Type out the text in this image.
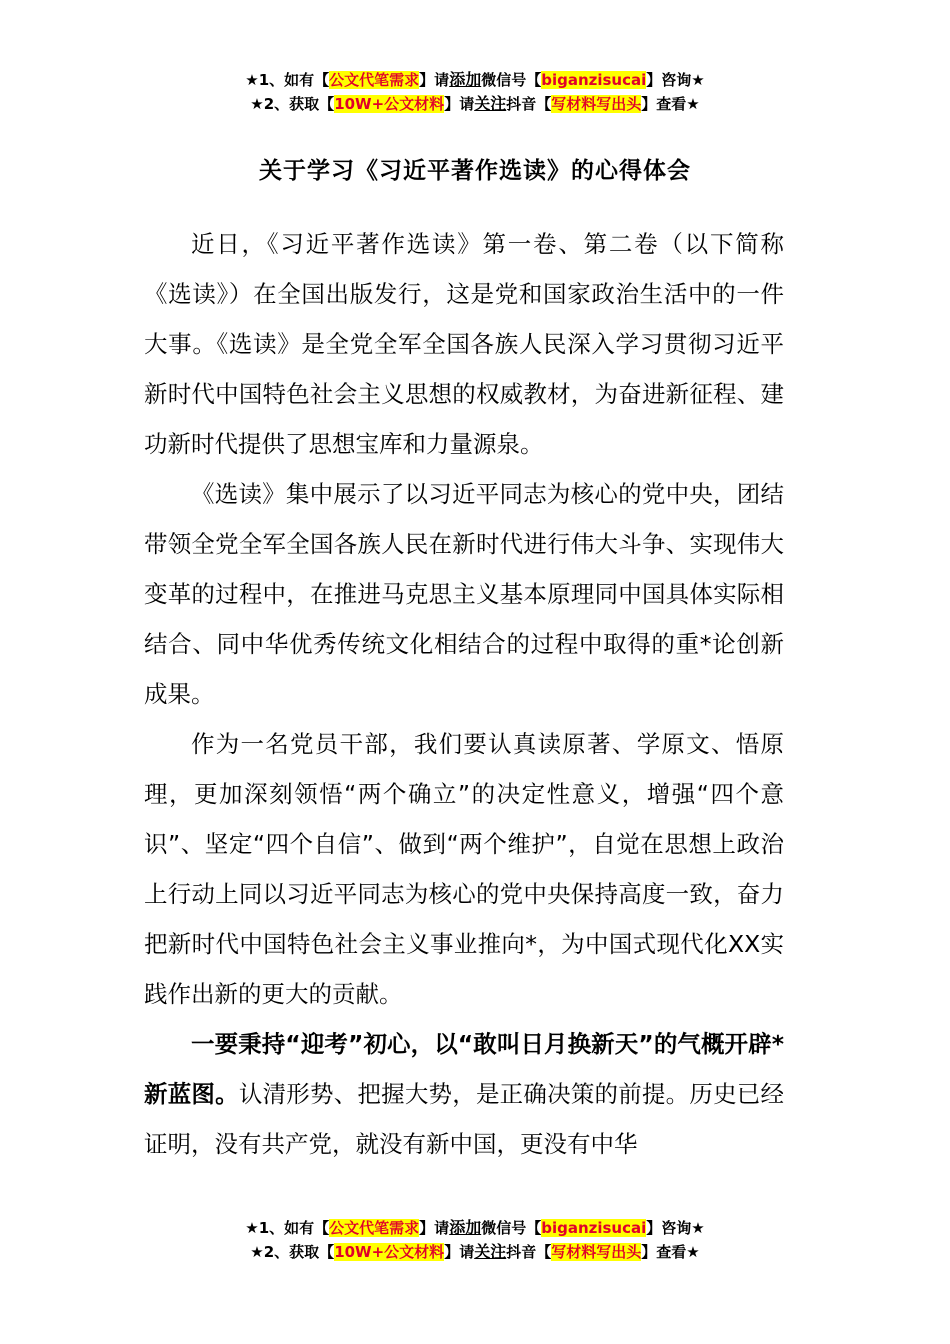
★1、如有【公文代笔需求】请添加微信号【biganzisucai】咨询★
★2、获取【10W+公文材料】请关注抖音【写材料写出头】查看★
关于学习《习近平著作选读》的心得体会

近日，《习近平著作选读》第一卷、第二卷（以下简称《选读》）在全国出版发行，这是党和国家政治生活中的一件大事。《选读》是全党全军全国各族人民深入学习贯彻习近平新时代中国特色社会主义思想的权威教材，为奋进新征程、建功新时代提供了思想宝库和力量源泉。

《选读》集中展示了以习近平同志为核心的党中央，团结带领全党全军全国各族人民在新时代进行伟大斗争、实现伟大变革的过程中，在推进马克思主义基本原理同中国具体实际相结合、同中华优秀传统文化相结合的过程中取得的重*论创新成果。

作为一名党员干部，我们要认真读原著、学原文、悟原理，更加深刻领悟“两个确立”的决定性意义，增强“四个意识”、坚定“四个自信”、做到“两个维护”，自觉在思想上政治上行动上同以习近平同志为核心的党中央保持高度一致，奋力把新时代中国特色社会主义事业推向*，为中国式现代化XX实践作出新的更大的贡献。

一要秉持“迎考”初心，以“敢叫日月换新天”的气概开辟*新蓝图。认清形势、把握大势，是正确决策的前提。历史已经证明，没有共产党，就没有新中国，更没有中华

★1、如有【公文代笔需求】请添加微信号【biganzisucai】咨询★
★2、获取【10W+公文材料】请关注抖音【写材料写出头】查看★
